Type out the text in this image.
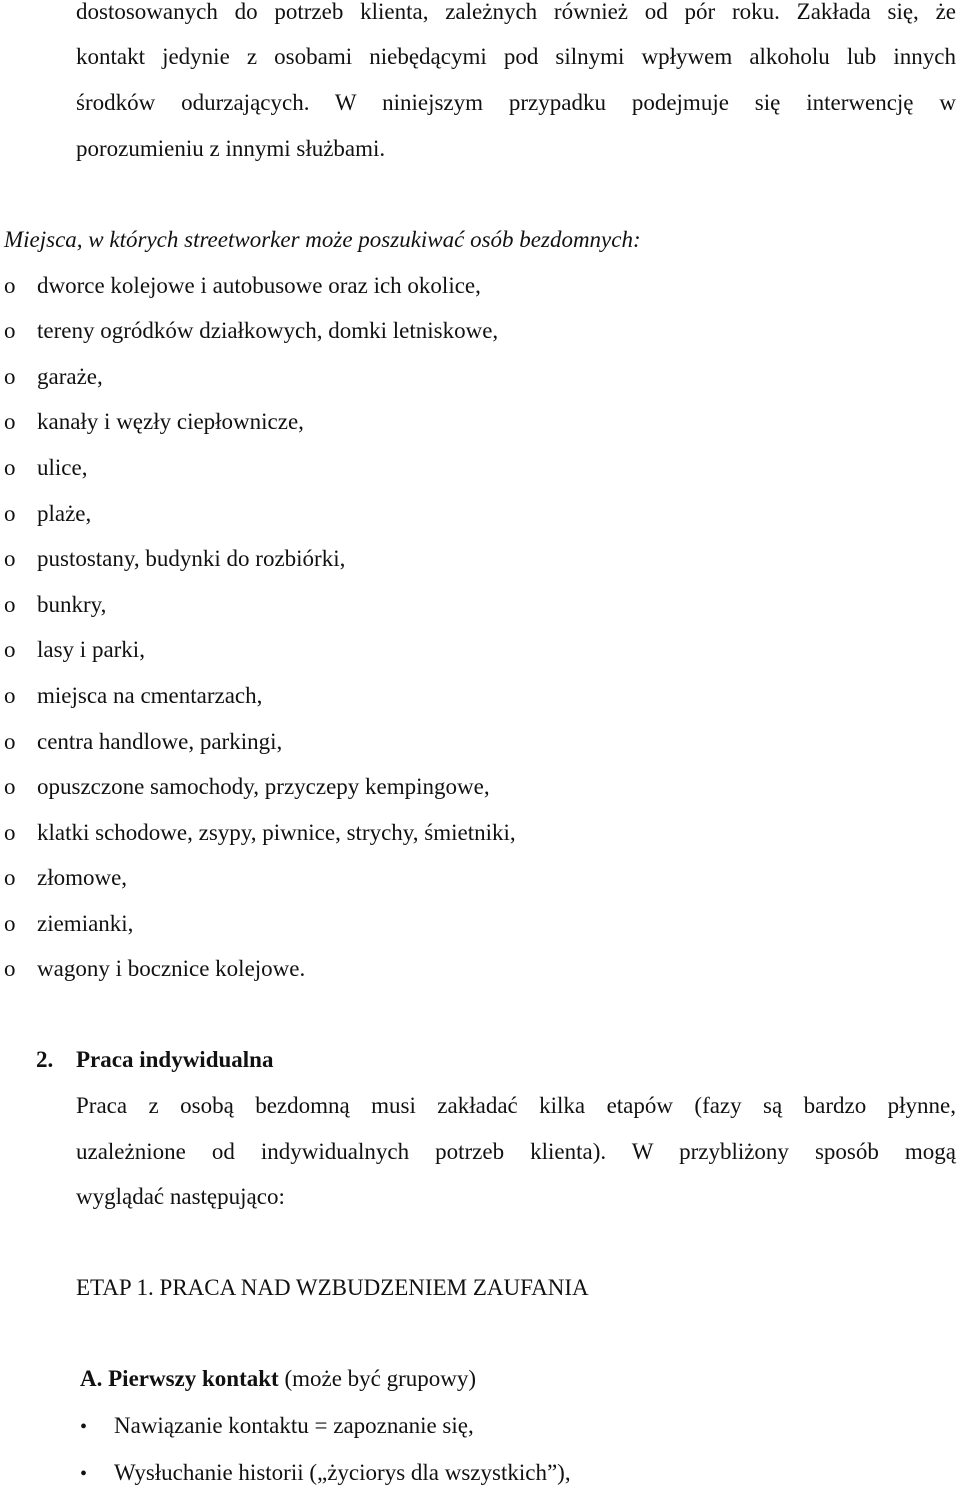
dostosowanych do potrzeb klienta, zależnych również od pór roku. Zakłada się, że
kontakt jedynie z osobami niebędącymi pod silnymi wpływem alkoholu lub innych
środków odurzających. W niniejszym przypadku podejmuje się interwencję w
porozumieniu z innymi służbami.
Miejsca, w których streetworker może poszukiwać osób bezdomnych:
o dworce kolejowe i autobusowe oraz ich okolice,
o tereny ogródków działkowych, domki letniskowe,
o garaże,
o kanały i węzły ciepłownicze,
o ulice,
o plaże,
o pustostany, budynki do rozbiórki,
o bunkry,
o lasy i parki,
o miejsca na cmentarzach,
o centra handlowe, parkingi,
o opuszczone samochody, przyczepy kempingowe,
o klatki schodowe, zsypy, piwnice, strychy, śmietniki,
o złomowe,
o ziemianki,
o wagony i bocznice kolejowe.
2. Praca indywidualna
Praca z osobą bezdomną musi zakładać kilka etapów (fazy są bardzo płynne,
uzależnione od indywidualnych potrzeb klienta). W przybliżony sposób mogą
wyglądać następująco:
ETAP 1. PRACA NAD WZBUDZENIEM ZAUFANIA
A. Pierwszy kontakt (może być grupowy)
• Nawiązanie kontaktu = zapoznanie się,
• Wysłuchanie historii („życiorys dla wszystkich”),
